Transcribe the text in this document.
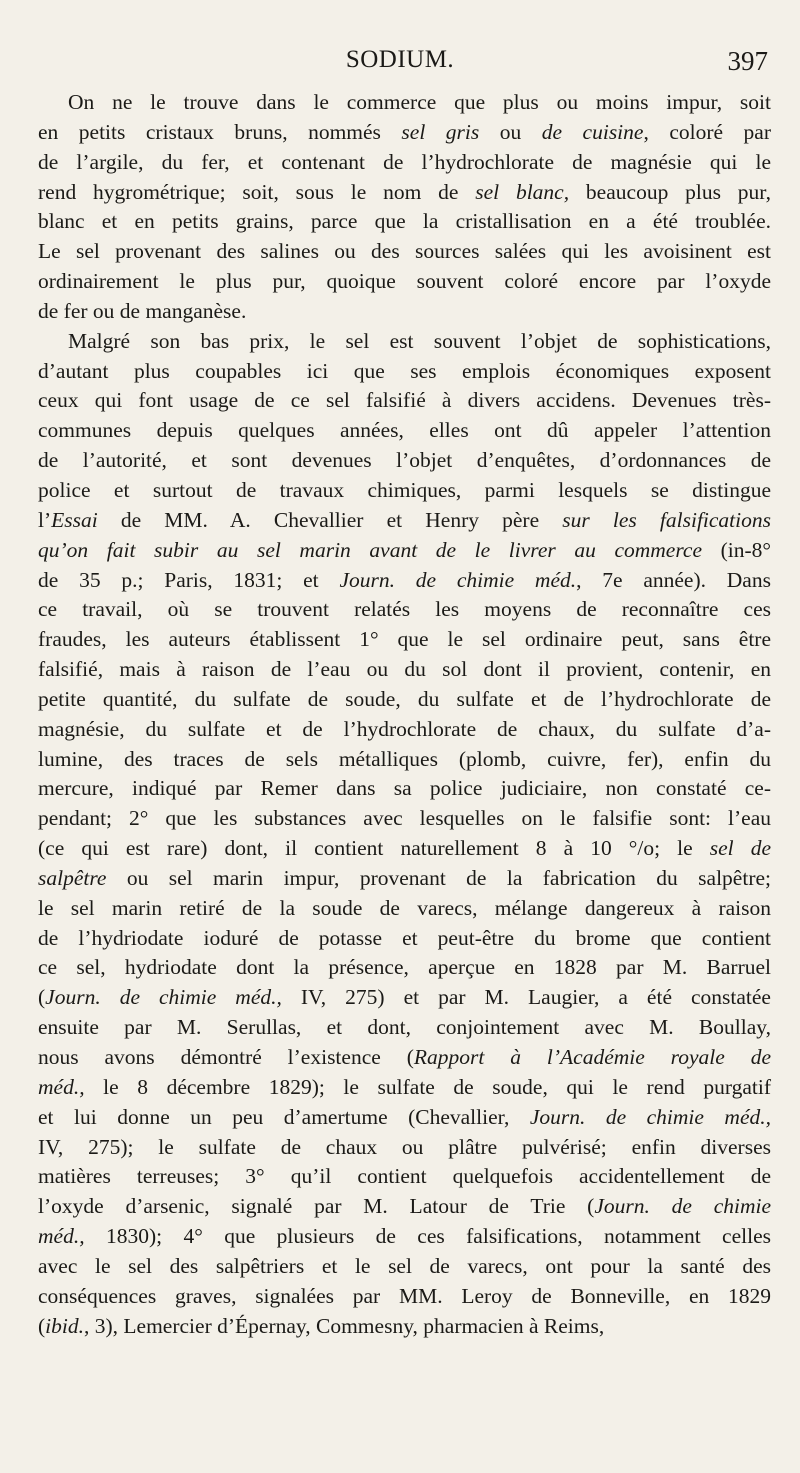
SODIUM.	397
On ne le trouve dans le commerce que plus ou moins impur, soit
en petits cristaux bruns, nommés sel gris ou de cuisine, coloré par
de l’argile, du fer, et contenant de l’hydrochlorate de magnésie qui le
rend hygrométrique; soit, sous le nom de sel blanc, beaucoup plus pur,
blanc et en petits grains, parce que la cristallisation en a été troublée.
Le sel provenant des salines ou des sources salées qui les avoisinent est
ordinairement le plus pur, quoique souvent coloré encore par l’oxyde
de fer ou de manganèse.
Malgré son bas prix, le sel est souvent l’objet de sophistications,
d’autant plus coupables ici que ses emplois économiques exposent
ceux qui font usage de ce sel falsifié à divers accidens. Devenues très-
communes depuis quelques années, elles ont dû appeler l’attention
de l’autorité, et sont devenues l’objet d’enquêtes, d’ordonnances de
police et surtout de travaux chimiques, parmi lesquels se distingue
l’Essai de MM. A. Chevallier et Henry père sur les falsifications
qu’on fait subir au sel marin avant de le livrer au commerce (in-8°
de 35 p.; Paris, 1831; et Journ. de chimie méd., 7e année). Dans
ce travail, où se trouvent relatés les moyens de reconnaître ces
fraudes, les auteurs établissent 1° que le sel ordinaire peut, sans être
falsifié, mais à raison de l’eau ou du sol dont il provient, contenir, en
petite quantité, du sulfate de soude, du sulfate et de l’hydrochlorate de
magnésie, du sulfate et de l’hydrochlorate de chaux, du sulfate d’a-
lumine, des traces de sels métalliques (plomb, cuivre, fer), enfin du
mercure, indiqué par Remer dans sa police judiciaire, non constaté ce-
pendant; 2° que les substances avec lesquelles on le falsifie sont: l’eau
(ce qui est rare) dont, il contient naturellement 8 à 10 °/o; le sel de
salpêtre ou sel marin impur, provenant de la fabrication du salpêtre;
le sel marin retiré de la soude de varecs, mélange dangereux à raison
de l’hydriodate ioduré de potasse et peut-être du brome que contient
ce sel, hydriodate dont la présence, aperçue en 1828 par M. Barruel
(Journ. de chimie méd., IV, 275) et par M. Laugier, a été constatée
ensuite par M. Serullas, et dont, conjointement avec M. Boullay,
nous avons démontré l’existence (Rapport à l’Académie royale de
méd., le 8 décembre 1829); le sulfate de soude, qui le rend purgatif
et lui donne un peu d’amertume (Chevallier, Journ. de chimie méd.,
IV, 275); le sulfate de chaux ou plâtre pulvérisé; enfin diverses
matières terreuses; 3° qu’il contient quelquefois accidentellement de
l’oxyde d’arsenic, signalé par M. Latour de Trie (Journ. de chimie
méd., 1830); 4° que plusieurs de ces falsifications, notamment celles
avec le sel des salpêtriers et le sel de varecs, ont pour la santé des
conséquences graves, signalées par MM. Leroy de Bonneville, en 1829
(ibid., 3), Lemercier d’Épernay, Commesny, pharmacien à Reims,
